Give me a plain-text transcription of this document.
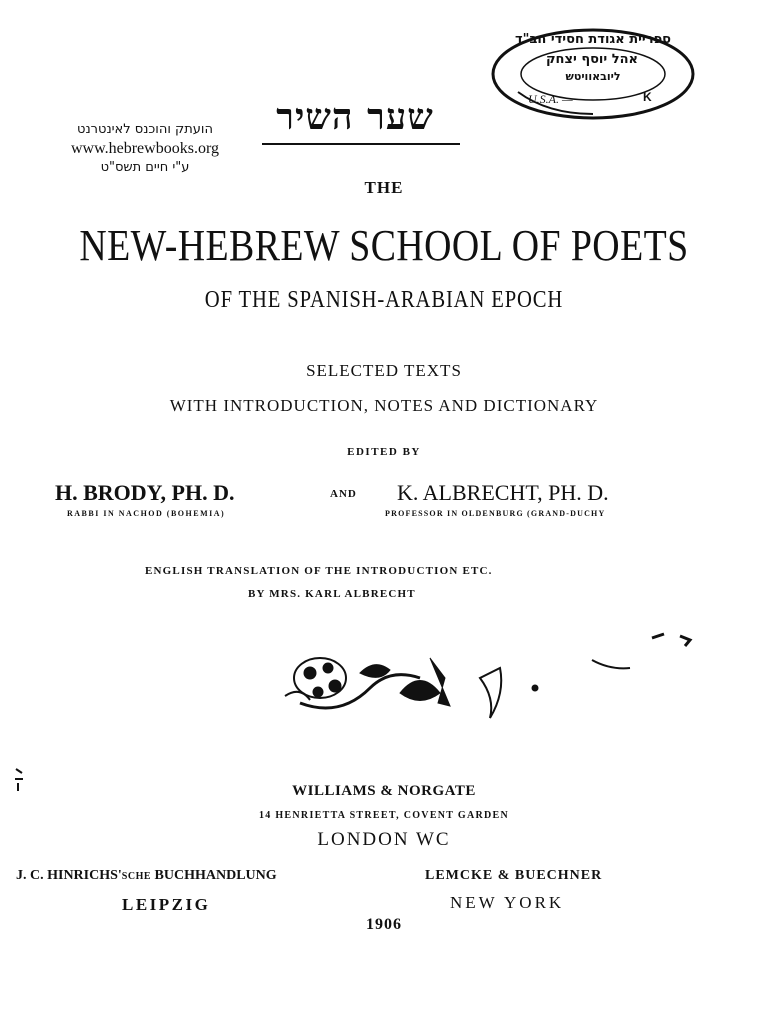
הועתק והוכנס לאינטרנט
www.hebrewbooks.org
ע"י חיים תשס"ט
ספריית אגודת חסידי חב"ד
אהל יוסף יצחק
ליובאוויטש
U.S.A. —	K
שער השיר
THE
NEW-HEBREW SCHOOL OF POETS
OF THE SPANISH-ARABIAN EPOCH
SELECTED TEXTS
WITH INTRODUCTION, NOTES AND DICTIONARY
EDITED BY
H. BRODY, PH. D.
RABBI IN NACHOD (BOHEMIA)
AND K. ALBRECHT, PH. D.
PROFESSOR IN OLDENBURG (GRAND-DUCHY
ENGLISH TRANSLATION OF THE INTRODUCTION ETC.
BY MRS. KARL ALBRECHT
WILLIAMS & NORGATE
14 HENRIETTA STREET, COVENT GARDEN
LONDON WC
J. C. HINRICHS'SCHE BUCHHANDLUNG
LEIPZIG
LEMCKE & BUECHNER
NEW YORK
1906
